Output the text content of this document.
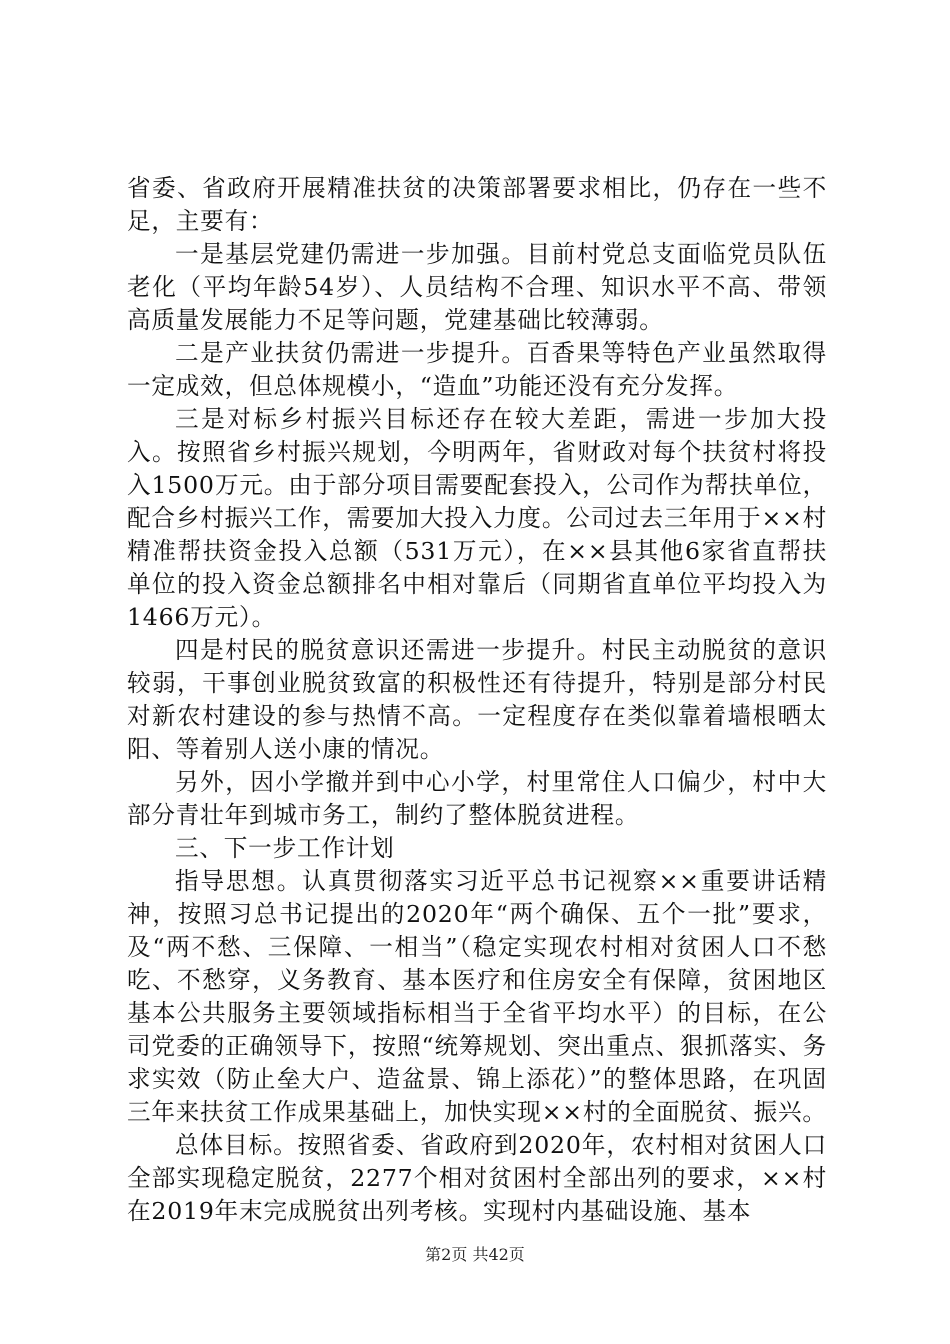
省委、省政府开展精准扶贫的决策部署要求相比，仍存在一些不足，主要有：

一是基层党建仍需进一步加强。目前村党总支面临党员队伍老化（平均年龄54岁）、人员结构不合理、知识水平不高、带领高质量发展能力不足等问题，党建基础比较薄弱。

二是产业扶贫仍需进一步提升。百香果等特色产业虽然取得一定成效，但总体规模小，“造血”功能还没有充分发挥。

三是对标乡村振兴目标还存在较大差距，需进一步加大投入。按照省乡村振兴规划，今明两年，省财政对每个扶贫村将投入1500万元。由于部分项目需要配套投入，公司作为帮扶单位，配合乡村振兴工作，需要加大投入力度。公司过去三年用于××村精准帮扶资金投入总额（531万元），在××县其他6家省直帮扶单位的投入资金总额排名中相对靠后（同期省直单位平均投入为1466万元）。

四是村民的脱贫意识还需进一步提升。村民主动脱贫的意识较弱，干事创业脱贫致富的积极性还有待提升，特别是部分村民对新农村建设的参与热情不高。一定程度存在类似靠着墙根晒太阳、等着别人送小康的情况。

另外，因小学撤并到中心小学，村里常住人口偏少，村中大部分青壮年到城市务工，制约了整体脱贫进程。

三、下一步工作计划

指导思想。认真贯彻落实习近平总书记视察××重要讲话精神，按照习总书记提出的2020年“两个确保、五个一批”要求，及“两不愁、三保障、一相当”（稳定实现农村相对贫困人口不愁吃、不愁穿，义务教育、基本医疗和住房安全有保障，贫困地区基本公共服务主要领域指标相当于全省平均水平）的目标，在公司党委的正确领导下，按照“统筹规划、突出重点、狠抓落实、务求实效（防止垒大户、造盆景、锦上添花）”的整体思路，在巩固三年来扶贫工作成果基础上，加快实现××村的全面脱贫、振兴。

总体目标。按照省委、省政府到2020年，农村相对贫困人口全部实现稳定脱贫，2277个相对贫困村全部出列的要求，××村在2019年末完成脱贫出列考核。实现村内基础设施、基本

第2页 共42页
